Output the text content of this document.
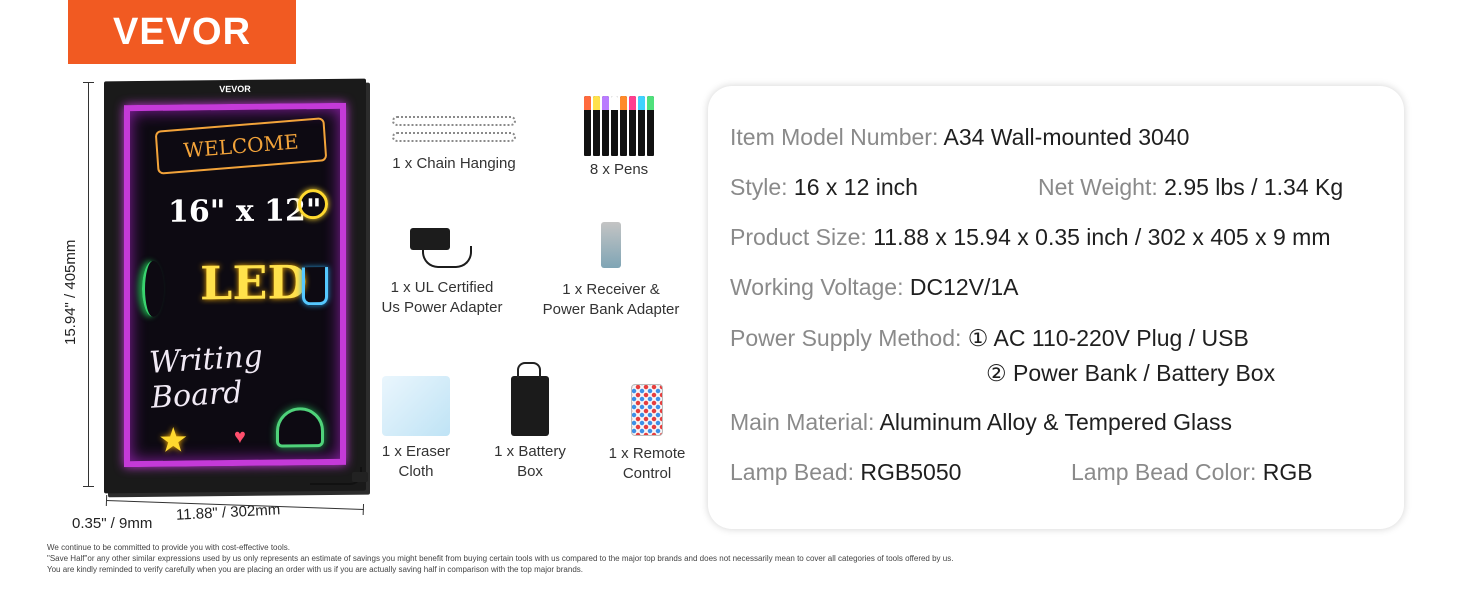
VEVOR
15.94" / 405mm
VEVOR
WELCOME
16" x 12"
LED
Writing Board
★ ♥
11.88" / 302mm
0.35" / 9mm
1 x Chain Hanging	8 x Pens
1 x UL Certified
Us Power Adapter
1 x Receiver &
Power Bank Adapter
1 x Eraser
Cloth
1 x Battery
Box
1 x Remote
Control
Item Model Number: A34 Wall-mounted 3040
Style: 16 x 12 inch	Net Weight: 2.95 lbs / 1.34 Kg
Product Size: 11.88 x 15.94 x 0.35 inch / 302 x 405 x 9 mm
Working Voltage: DC12V/1A
Power Supply Method: ① AC 110-220V Plug / USB
② Power Bank / Battery Box
Main Material: Aluminum Alloy & Tempered Glass
Lamp Bead: RGB5050	Lamp Bead Color: RGB
We continue to be committed to provide you with cost-effective tools.
"Save Half"or any other similar expressions used by us only represents an estimate of savings you might benefit from buying certain tools with us compared to the major top brands and does not necessarily mean to cover all categories of tools offered by us.
You are kindly reminded to verify carefully when you are placing an order with us if you are actually saving half in comparison with the top major brands.
